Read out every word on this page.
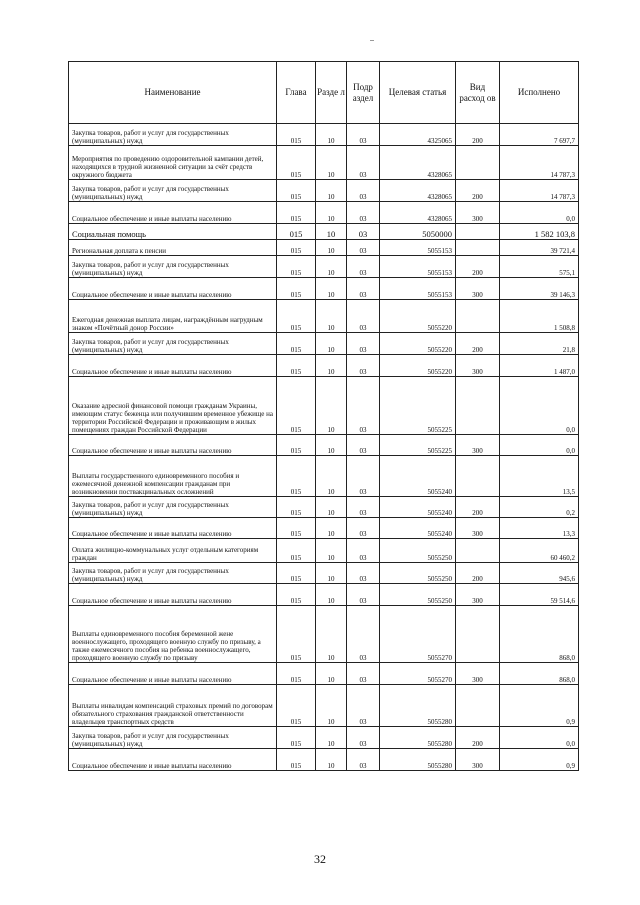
Наименование	Глава	Разде л	Подр аздел	Целевая статья	Вид расход ов	Исполнено
Закупка товаров, работ и услуг для государственных (муниципальных) нужд	015	10	03	4325065	200	7 697,7
Мероприятия по проведению оздоровительной кампании детей, находящихся в трудной жизненной ситуации за счёт средств окружного бюджета	015	10	03	4328065		14 787,3
Закупка товаров, работ и услуг для государственных (муниципальных) нужд	015	10	03	4328065	200	14 787,3
Социальное обеспечение и иные выплаты населению	015	10	03	4328065	300	0,0
Социальная помощь	015	10	03	5050000		1 582 103,8
Региональная доплата к пенсии	015	10	03	5055153		39 721,4
Закупка товаров, работ и услуг для государственных (муниципальных) нужд	015	10	03	5055153	200	575,1
Социальное обеспечение и иные выплаты населению	015	10	03	5055153	300	39 146,3
Ежегодная денежная выплата лицам, награждённым нагрудным знаком «Почётный донор России»	015	10	03	5055220		1 508,8
Закупка товаров, работ и услуг для государственных (муниципальных) нужд	015	10	03	5055220	200	21,8
Социальное обеспечение и иные выплаты населению	015	10	03	5055220	300	1 487,0
Оказание адресной финансовой помощи гражданам Украины, имеющим статус беженца или получившим временное убежище на территории Российской Федерации и проживающим в жилых помещениях граждан Российской Федерации	015	10	03	5055225		0,0
Социальное обеспечение и иные выплаты населению	015	10	03	5055225	300	0,0
Выплаты государственного единовременного пособия и ежемесячной денежной компенсации гражданам при возникновении поствакцинальных осложнений	015	10	03	5055240		13,5
Закупка товаров, работ и услуг для государственных (муниципальных) нужд	015	10	03	5055240	200	0,2
Социальное обеспечение и иные выплаты населению	015	10	03	5055240	300	13,3
Оплата жилищно-коммунальных услуг отдельным категориям граждан	015	10	03	5055250		60 460,2
Закупка товаров, работ и услуг для государственных (муниципальных) нужд	015	10	03	5055250	200	945,6
Социальное обеспечение и иные выплаты населению	015	10	03	5055250	300	59 514,6
Выплаты единовременного пособия беременной жене военнослужащего, проходящего военную службу по призыву, а также ежемесячного пособия на ребенка военнослужащего, проходящего военную службу по призыву	015	10	03	5055270		868,0
Социальное обеспечение и иные выплаты населению	015	10	03	5055270	300	868,0
Выплаты инвалидам компенсаций страховых премий по договорам обязательного страхования гражданской ответственности владельцев транспортных средств	015	10	03	5055280		0,9
Закупка товаров, работ и услуг для государственных (муниципальных) нужд	015	10	03	5055280	200	0,0
Социальное обеспечение и иные выплаты населению	015	10	03	5055280	300	0,9
32
